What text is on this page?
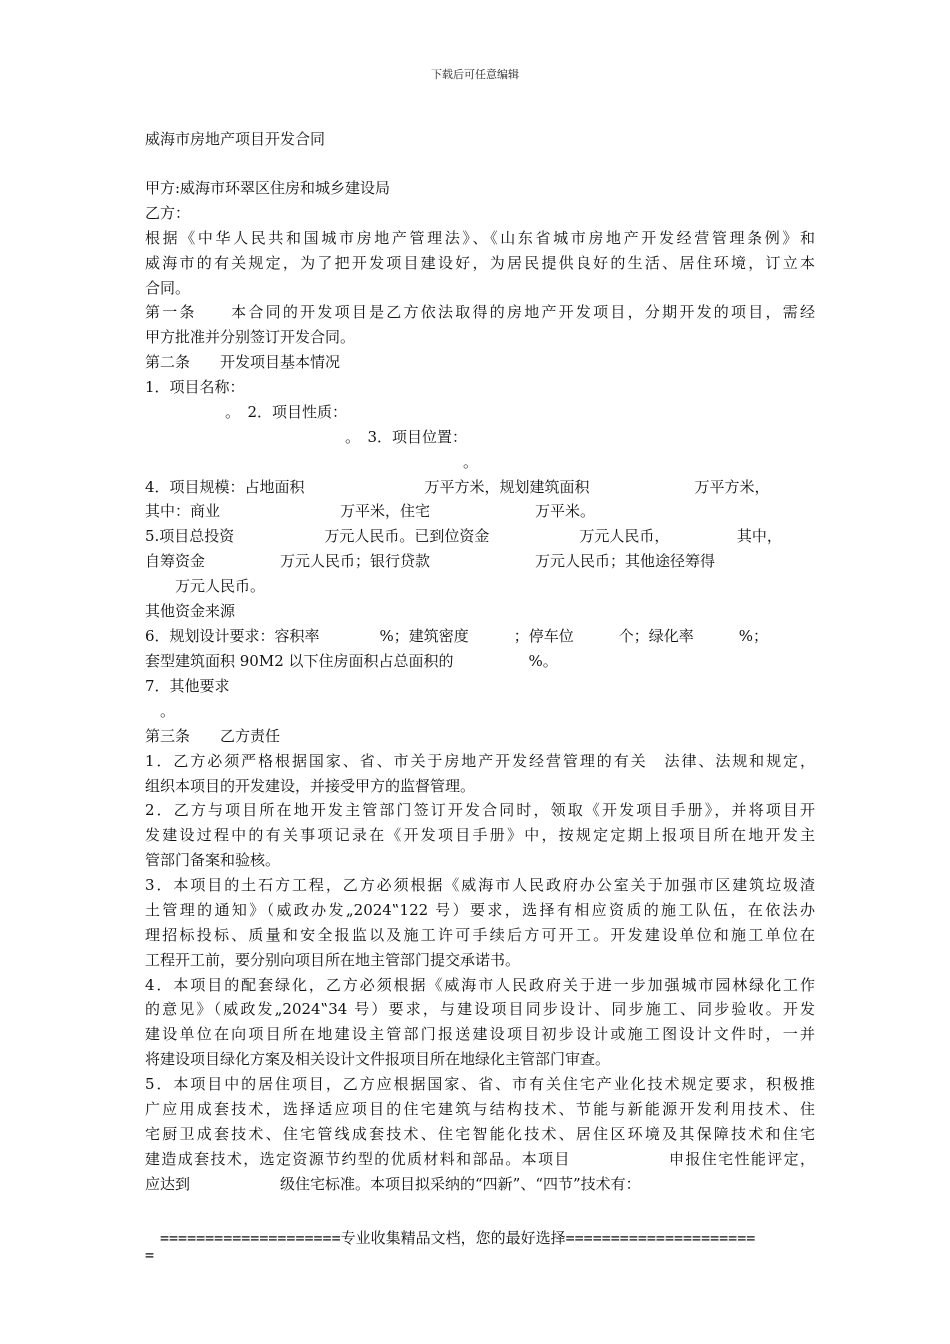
下载后可任意编辑
威海市房地产项目开发合同
甲方:威海市环翠区住房和城乡建设局
乙方：
根据《中华人民共和国城市房地产管理法》、《山东省城市房地产开发经营管理条例》和
威海市的有关规定，为了把开发项目建设好，为居民提供良好的生活、居住环境，订立本
合同。
第一条　　本合同的开发项目是乙方依法取得的房地产开发项目，分期开发的项目，需经
甲方批准并分别签订开发合同。
第二条　　开发项目基本情况
1．项目名称：
。　2．项目性质：
。　3．项目位置：
。
4．项目规模：占地面积　　　　　　　　万平方米，规划建筑面积　　　　　　　万平方米，
其中：商业　　　　　　　　万平米，住宅　　　　　　　万平米。
5.项目总投资　　　　　　万元人民币。已到位资金　　　　　　万元人民币，　　　　　其中，
自筹资金　　　　　万元人民币；银行贷款　　　　　　　万元人民币；其他途径筹得
　　万元人民币。
其他资金来源
6．规划设计要求：容积率　　　　%；建筑密度　　　；停车位　　　个；绿化率　　　%；
套型建筑面积 90M2 以下住房面积占总面积的　　　　　%。
7．其他要求
。
第三条　　乙方责任
1．乙方必须严格根据国家、省、市关于房地产开发经营管理的有关　法律、法规和规定，
组织本项目的开发建设，并接受甲方的监督管理。
2．乙方与项目所在地开发主管部门签订开发合同时，领取《开发项目手册》，并将项目开
发建设过程中的有关事项记录在《开发项目手册》中，按规定定期上报项目所在地开发主
管部门备案和验核。
3．本项目的土石方工程，乙方必须根据《威海市人民政府办公室关于加强市区建筑垃圾渣
土管理的通知》（威政办发„2024‟122 号）要求，选择有相应资质的施工队伍，在依法办
理招标投标、质量和安全报监以及施工许可手续后方可开工。开发建设单位和施工单位在
工程开工前，要分别向项目所在地主管部门提交承诺书。
4．本项目的配套绿化，乙方必须根据《威海市人民政府关于进一步加强城市园林绿化工作
的意见》（威政发„2024‟34 号）要求，与建设项目同步设计、同步施工、同步验收。开发
建设单位在向项目所在地建设主管部门报送建设项目初步设计或施工图设计文件时，一并
将建设项目绿化方案及相关设计文件报项目所在地绿化主管部门审查。
5．本项目中的居住项目，乙方应根据国家、省、市有关住宅产业化技术规定要求，积极推
广应用成套技术，选择适应项目的住宅建筑与结构技术、节能与新能源开发利用技术、住
宅厨卫成套技术、住宅管线成套技术、住宅智能化技术、居住区环境及其保障技术和住宅
建造成套技术，选定资源节约型的优质材料和部品。本项目　　　　　　申报住宅性能评定，
应达到　　　　　　级住宅标准。本项目拟采纳的“四新”、“四节”技术有：
====================专业收集精品文档，您的最好选择=====================
=
